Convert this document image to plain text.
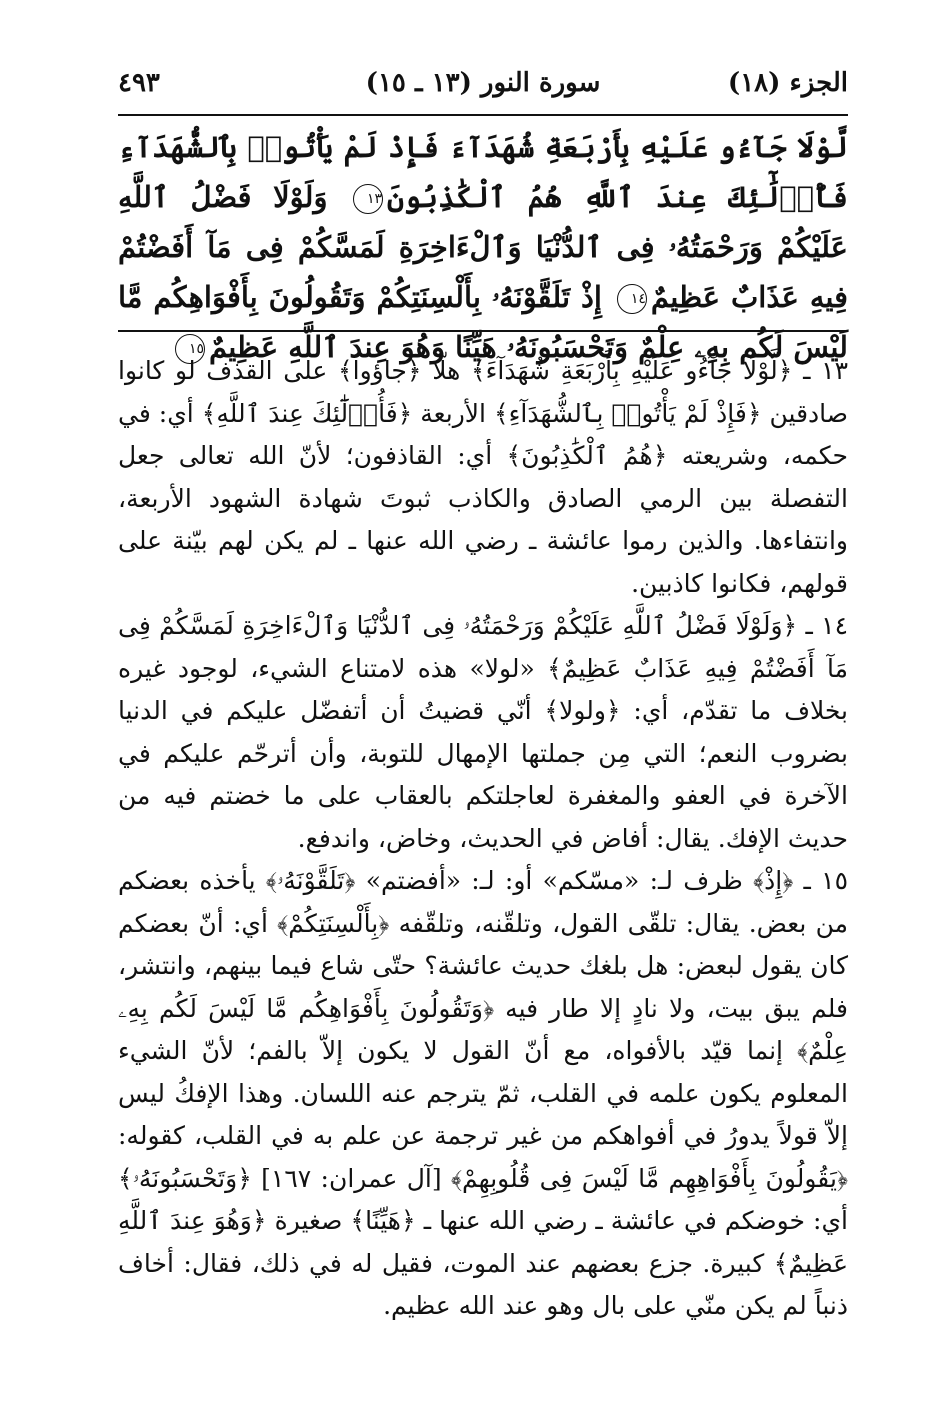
الجزء (١٨)
سورة النور (١٣ ـ ١٥)
٤٩٣
لَّوْلَا جَآءُو عَلَيْهِ بِأَرْبَعَةِ شُهَدَآءَ فَإِذْ لَمْ يَأْتُوا۟ بِٱلشُّهَدَآءِ فَأُو۟لَٰٓئِكَ عِندَ ٱللَّهِ هُمُ ٱلْكَٰذِبُونَ١٣ وَلَوْلَا فَضْلُ ٱللَّهِ عَلَيْكُمْ وَرَحْمَتُهُۥ فِى ٱلدُّنْيَا وَٱلْءَاخِرَةِ لَمَسَّكُمْ فِى مَآ أَفَضْتُمْ فِيهِ عَذَابٌ عَظِيمٌ١٤ إِذْ تَلَقَّوْنَهُۥ بِأَلْسِنَتِكُمْ وَتَقُولُونَ بِأَفْوَاهِكُم مَّا لَيْسَ لَكُم بِهِۦ عِلْمٌ وَتَحْسَبُونَهُۥ هَيِّنًا وَهُوَ عِندَ ٱللَّهِ عَظِيمٌ١٥

١٣ ـ ﴿لَّوْلَا جَآءُو عَلَيْهِ بِأَرْبَعَةِ شُهَدَآءَ﴾ هلّا ﴿جاؤوا﴾ على القذف لو كانوا صادقين ﴿فَإِذْ لَمْ يَأْتُوا۟ بِٱلشُّهَدَآءِ﴾ الأربعة ﴿فَأُو۟لَٰٓئِكَ عِندَ ٱللَّهِ﴾ أي: في حكمه، وشريعته ﴿هُمُ ٱلْكَٰذِبُونَ﴾ أي: القاذفون؛ لأنّ الله تعالى جعل التفصلة بين الرمي الصادق والكاذب ثبوتَ شهادة الشهود الأربعة، وانتفاءها. والذين رموا عائشة ـ رضي الله عنها ـ لم يكن لهم بيّنة على قولهم، فكانوا كاذبين.

١٤ ـ ﴿وَلَوْلَا فَضْلُ ٱللَّهِ عَلَيْكُمْ وَرَحْمَتُهُۥ فِى ٱلدُّنْيَا وَٱلْءَاخِرَةِ لَمَسَّكُمْ فِى مَآ أَفَضْتُمْ فِيهِ عَذَابٌ عَظِيمٌ﴾ «لولا» هذه لامتناع الشيء، لوجود غيره بخلاف ما تقدّم، أي: ﴿ولولا﴾ أنّي قضيتُ أن أتفضّل عليكم في الدنيا بضروب النعم؛ التي مِن جملتها الإمهال للتوبة، وأن أترحّم عليكم في الآخرة في العفو والمغفرة لعاجلتكم بالعقاب على ما خضتم فيه من حديث الإفك. يقال: أفاض في الحديث، وخاض، واندفع.

١٥ ـ ﴿إِذْ﴾ ظرف لـ: «مسّكم» أو: لـ: «أفضتم» ﴿تَلَقَّوْنَهُۥ﴾ يأخذه بعضكم من بعض. يقال: تلقّى القول، وتلقّنه، وتلقّفه ﴿بِأَلْسِنَتِكُمْ﴾ أي: أنّ بعضكم كان يقول لبعض: هل بلغك حديث عائشة؟ حتّى شاع فيما بينهم، وانتشر، فلم يبق بيت، ولا نادٍ إلا طار فيه ﴿وَتَقُولُونَ بِأَفْوَاهِكُم مَّا لَيْسَ لَكُم بِهِۦ عِلْمٌ﴾ إنما قيّد بالأفواه، مع أنّ القول لا يكون إلاّ بالفم؛ لأنّ الشيء المعلوم يكون علمه في القلب، ثمّ يترجم عنه اللسان. وهذا الإفكُ ليس إلاّ قولاً يدورُ في أفواهكم من غير ترجمة عن علم به في القلب، كقوله: ﴿يَقُولُونَ بِأَفْوَاهِهِم مَّا لَيْسَ فِى قُلُوبِهِمْ﴾ [آل عمران: ١٦٧] ﴿وَتَحْسَبُونَهُۥ﴾ أي: خوضكم في عائشة ـ رضي الله عنها ـ ﴿هَيِّنًا﴾ صغيرة ﴿وَهُوَ عِندَ ٱللَّهِ عَظِيمٌ﴾ كبيرة. جزع بعضهم عند الموت، فقيل له في ذلك، فقال: أخاف ذنباً لم يكن منّي على بال وهو عند الله عظيم.
